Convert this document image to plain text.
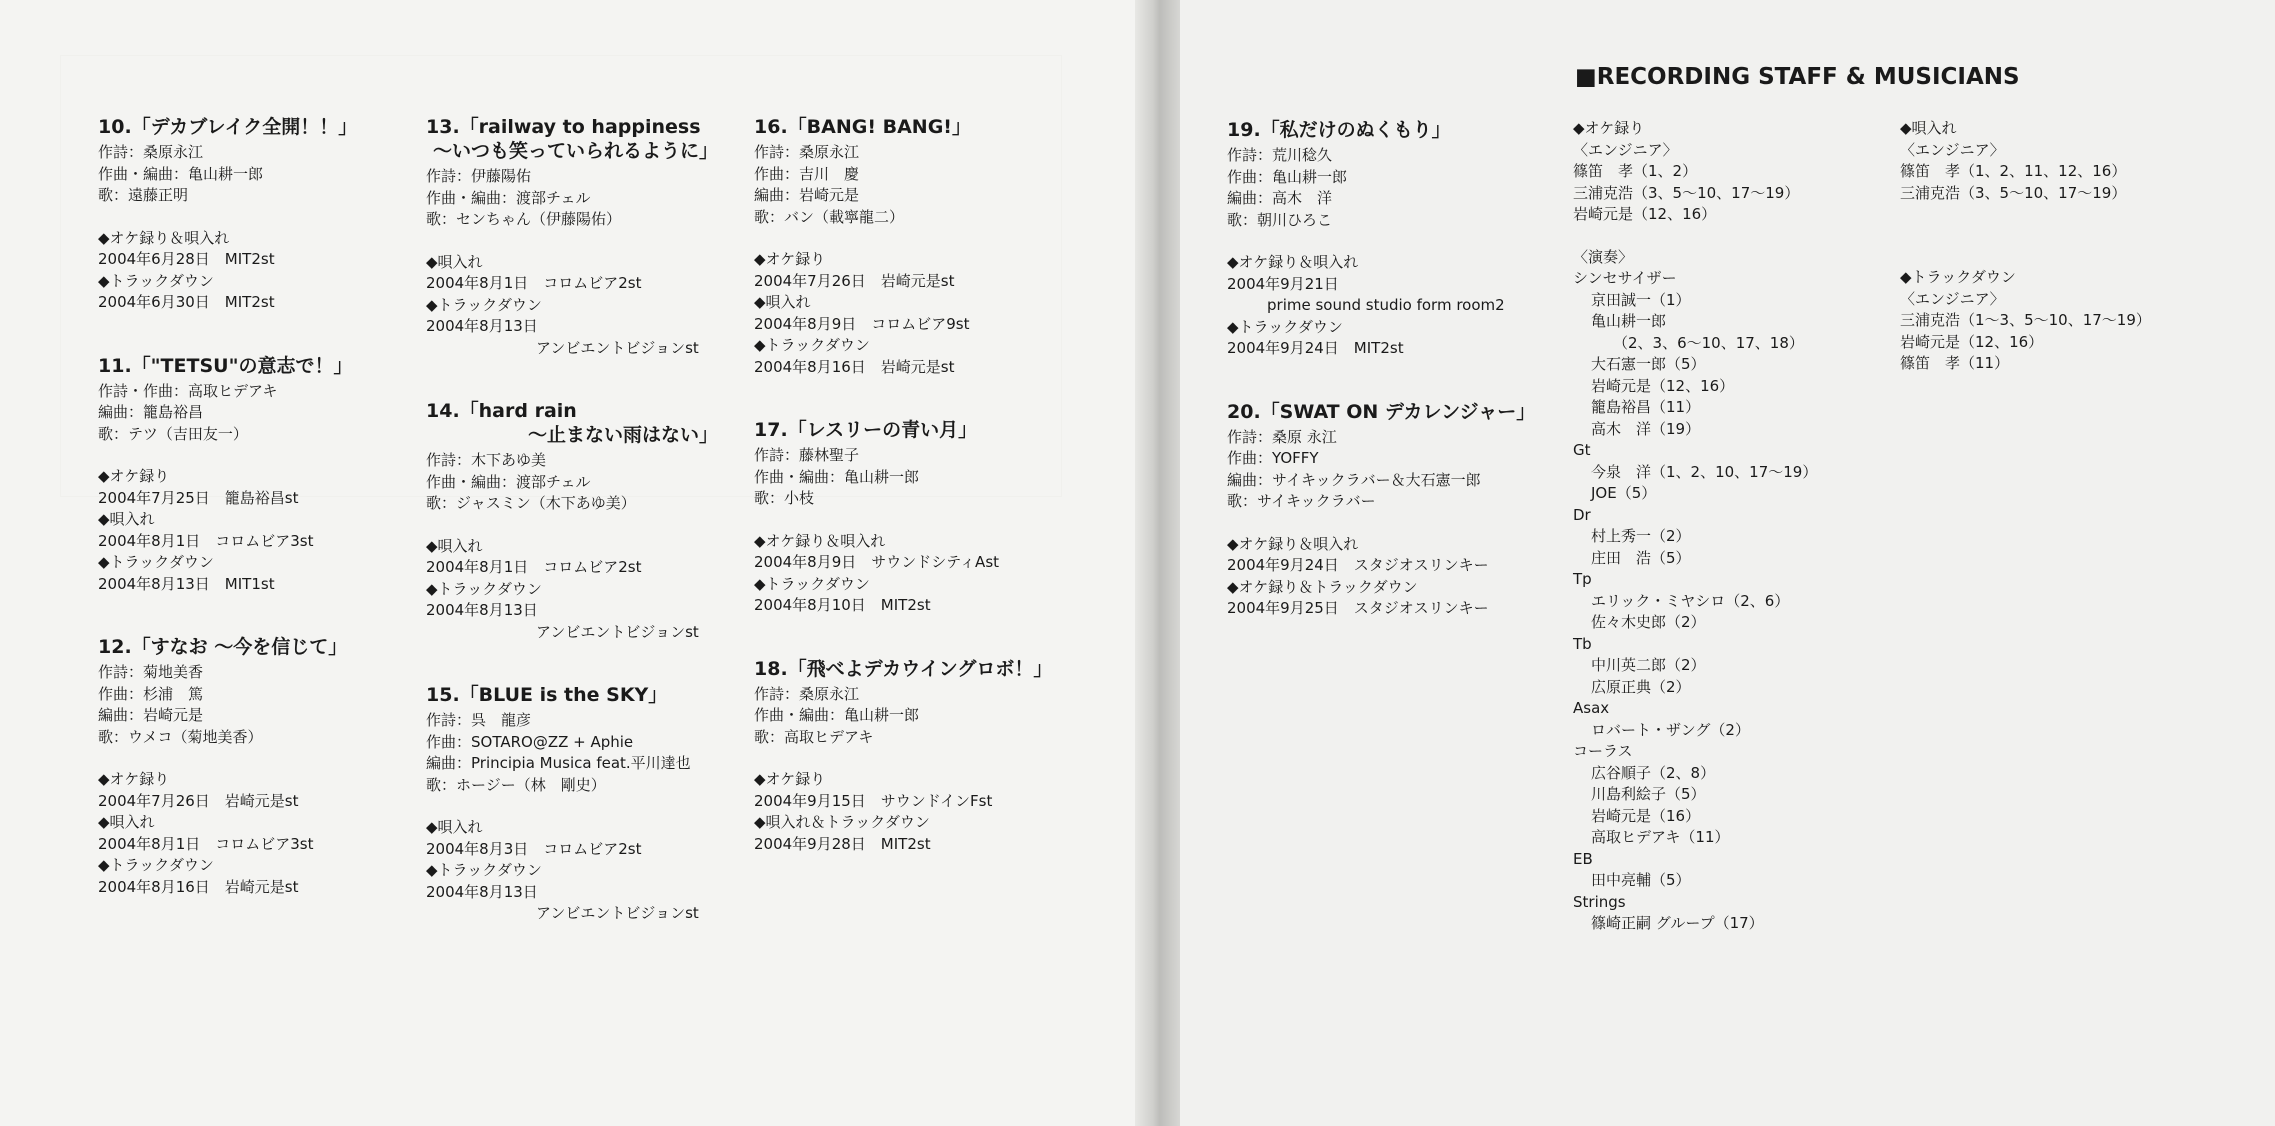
10.「デカブレイク全開！！」
作詩：桑原永江
作曲・編曲：亀山耕一郎
歌：遠藤正明
◆オケ録り＆唄入れ
2004年6月28日　MIT2st
◆トラックダウン
2004年6月30日　MIT2st
11.「"TETSU"の意志で！」
作詩・作曲：高取ヒデアキ
編曲：籠島裕昌
歌：テツ（吉田友一）
◆オケ録り
2004年7月25日　籠島裕昌st
◆唄入れ
2004年8月1日　コロムビア3st
◆トラックダウン
2004年8月13日　MIT1st
12.「すなお ～今を信じて」
作詩：菊地美香
作曲：杉浦　篤
編曲：岩崎元是
歌：ウメコ（菊地美香）
◆オケ録り
2004年7月26日　岩崎元是st
◆唄入れ
2004年8月1日　コロムビア3st
◆トラックダウン
2004年8月16日　岩崎元是st
13.「railway to happiness
～いつも笑っていられるように」
作詩：伊藤陽佑
作曲・編曲：渡部チェル
歌：センちゃん（伊藤陽佑）
◆唄入れ
2004年8月1日　コロムビア2st
◆トラックダウン
2004年8月13日
アンビエントビジョンst
14.「hard rain
～止まない雨はない」
作詩：木下あゆ美
作曲・編曲：渡部チェル
歌：ジャスミン（木下あゆ美）
◆唄入れ
2004年8月1日　コロムビア2st
◆トラックダウン
2004年8月13日
アンビエントビジョンst
15.「BLUE is the SKY」
作詩：呉　龍彦
作曲：SOTARO@ZZ + Aphie
編曲：Principia Musica feat.平川達也
歌：ホージー（林　剛史）
◆唄入れ
2004年8月3日　コロムビア2st
◆トラックダウン
2004年8月13日
アンビエントビジョンst
16.「BANG! BANG!」
作詩：桑原永江
作曲：吉川　慶
編曲：岩崎元是
歌：バン（載寧龍二）
◆オケ録り
2004年7月26日　岩崎元是st
◆唄入れ
2004年8月9日　コロムビア9st
◆トラックダウン
2004年8月16日　岩崎元是st
17.「レスリーの青い月」
作詩：藤林聖子
作曲・編曲：亀山耕一郎
歌：小枝
◆オケ録り＆唄入れ
2004年8月9日　サウンドシティAst
◆トラックダウン
2004年8月10日　MIT2st
18.「飛べよデカウイングロボ！」
作詩：桑原永江
作曲・編曲：亀山耕一郎
歌：高取ヒデアキ
◆オケ録り
2004年9月15日　サウンドインFst
◆唄入れ＆トラックダウン
2004年9月28日　MIT2st
19.「私だけのぬくもり」
作詩：荒川稔久
作曲：亀山耕一郎
編曲：高木　洋
歌：朝川ひろこ
◆オケ録り＆唄入れ
2004年9月21日
prime sound studio form room2
◆トラックダウン
2004年9月24日　MIT2st
20.「SWAT ON デカレンジャー」
作詩：桑原 永江
作曲：YOFFY
編曲：サイキックラバー＆大石憲一郎
歌：サイキックラバー
◆オケ録り＆唄入れ
2004年9月24日　スタジオスリンキー
◆オケ録り＆トラックダウン
2004年9月25日　スタジオスリンキー
■RECORDING STAFF & MUSICIANS
◆オケ録り
〈エンジニア〉
篠笛　孝（1、2）
三浦克浩（3、5～10、17～19）
岩崎元是（12、16）
〈演奏〉
シンセサイザー
京田誠一（1）
亀山耕一郎
（2、3、6～10、17、18）
大石憲一郎（5）
岩崎元是（12、16）
籠島裕昌（11）
高木　洋（19）
Gt
今泉　洋（1、2、10、17～19）
JOE（5）
Dr
村上秀一（2）
庄田　浩（5）
Tp
エリック・ミヤシロ（2、6）
佐々木史郎（2）
Tb
中川英二郎（2）
広原正典（2）
Asax
ロバート・ザング（2）
コーラス
広谷順子（2、8）
川島利絵子（5）
岩崎元是（16）
高取ヒデアキ（11）
EB
田中亮輔（5）
Strings
篠崎正嗣 グループ（17）
◆唄入れ
〈エンジニア〉
篠笛　孝（1、2、11、12、16）
三浦克浩（3、5～10、17～19）
◆トラックダウン
〈エンジニア〉
三浦克浩（1～3、5～10、17～19）
岩崎元是（12、16）
篠笛　孝（11）
